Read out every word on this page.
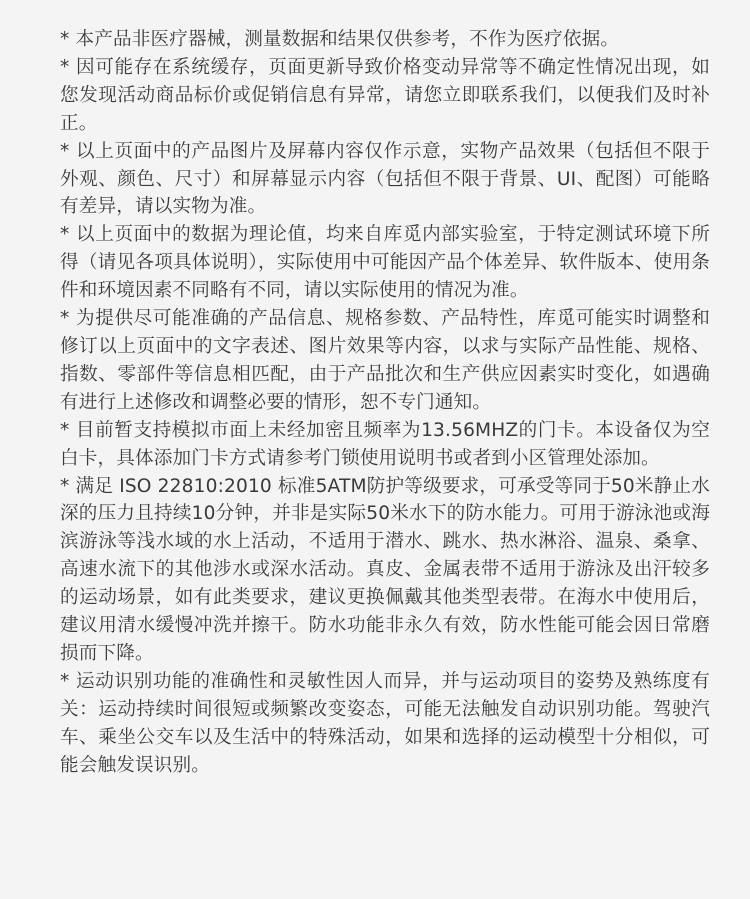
* 本产品非医疗器械，测量数据和结果仅供参考，不作为医疗依据。
* 因可能存在系统缓存，页面更新导致价格变动异常等不确定性情况出现，如您发现活动商品标价或促销信息有异常，请您立即联系我们，以便我们及时补正。
* 以上页面中的产品图片及屏幕内容仅作示意，实物产品效果（包括但不限于外观、颜色、尺寸）和屏幕显示内容（包括但不限于背景、UI、配图）可能略有差异，请以实物为准。
* 以上页面中的数据为理论值，均来自库觅内部实验室，于特定测试环境下所得（请见各项具体说明），实际使用中可能因产品个体差异、软件版本、使用条件和环境因素不同略有不同，请以实际使用的情况为准。
* 为提供尽可能准确的产品信息、规格参数、产品特性，库觅可能实时调整和修订以上页面中的文字表述、图片效果等内容，以求与实际产品性能、规格、指数、零部件等信息相匹配，由于产品批次和生产供应因素实时变化，如遇确有进行上述修改和调整必要的情形，恕不专门通知。
* 目前暂支持模拟市面上未经加密且频率为13.56MHZ的门卡。本设备仅为空白卡，具体添加门卡方式请参考门锁使用说明书或者到小区管理处添加。
* 满足 ISO 22810:2010 标准5ATM防护等级要求，可承受等同于50米静止水深的压力且持续10分钟，并非是实际50米水下的防水能力。可用于游泳池或海滨游泳等浅水域的水上活动，不适用于潜水、跳水、热水淋浴、温泉、桑拿、高速水流下的其他涉水或深水活动。真皮、金属表带不适用于游泳及出汗较多的运动场景，如有此类要求，建议更换佩戴其他类型表带。在海水中使用后，建议用清水缓慢冲洗并擦干。防水功能非永久有效，防水性能可能会因日常磨损而下降。
* 运动识别功能的准确性和灵敏性因人而异，并与运动项目的姿势及熟练度有关：运动持续时间很短或频繁改变姿态，可能无法触发自动识别功能。驾驶汽车、乘坐公交车以及生活中的特殊活动，如果和选择的运动模型十分相似，可能会触发误识别。
